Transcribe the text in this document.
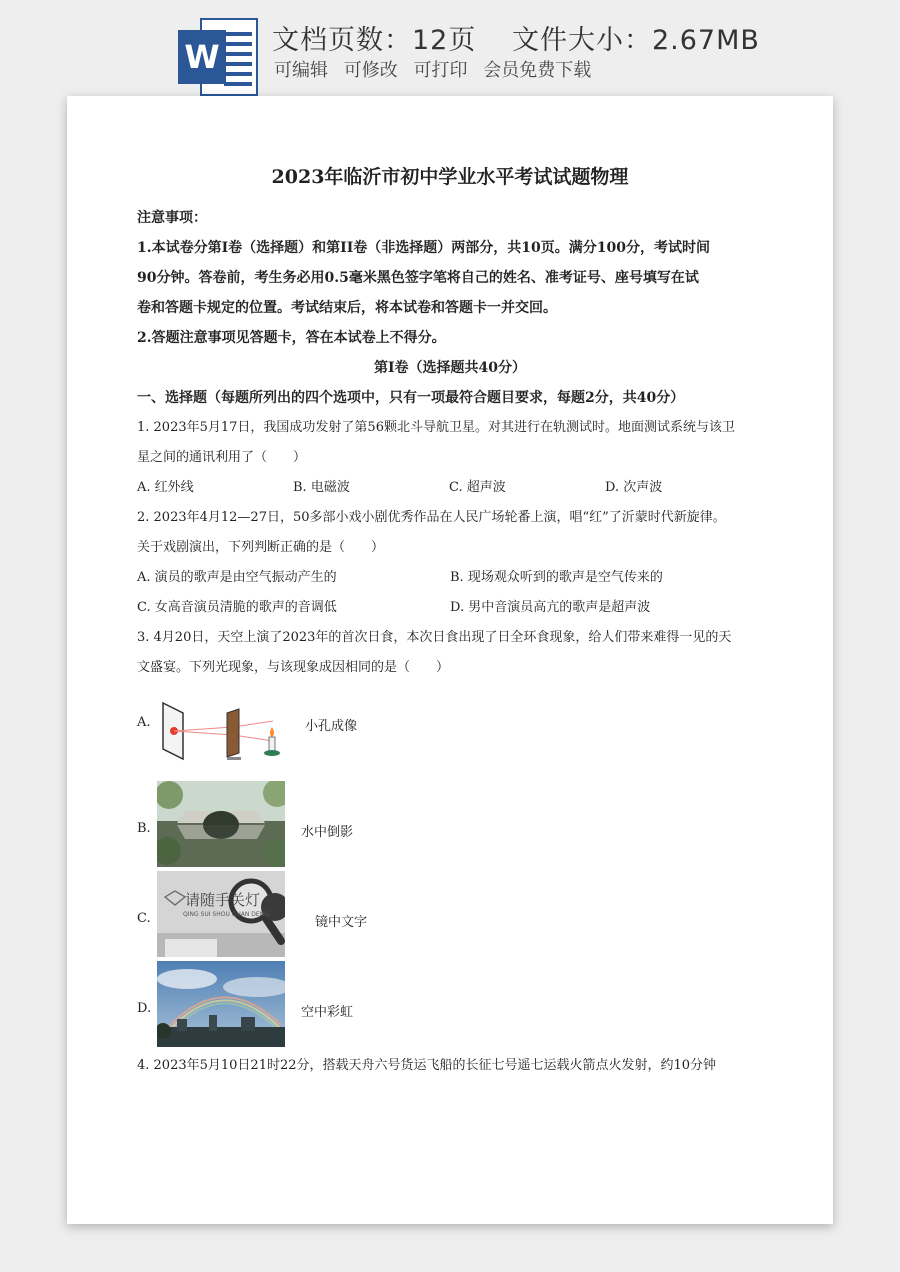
W 文档页数：12页 文件大小：2.67MB
可编辑 可修改 可打印 会员免费下载
2023年临沂市初中学业水平考试试题物理
注意事项：
1.本试卷分第I卷（选择题）和第II卷（非选择题）两部分，共10页。满分100分，考试时间
90分钟。答卷前，考生务必用0.5毫米黑色签字笔将自己的姓名、准考证号、座号填写在试
卷和答题卡规定的位置。考试结束后，将本试卷和答题卡一并交回。
2.答题注意事项见答题卡，答在本试卷上不得分。
第I卷（选择题共40分）
一、选择题（每题所列出的四个选项中，只有一项最符合题目要求，每题2分，共40分）
1. 2023年5月17日，我国成功发射了第56颗北斗导航卫星。对其进行在轨测试时。地面测试系统与该卫
星之间的通讯利用了（　　）
A. 红外线	B. 电磁波	C. 超声波	D. 次声波
2. 2023年4月12—27日，50多部小戏小剧优秀作品在人民广场轮番上演，唱“红”了沂蒙时代新旋律。
关于戏剧演出，下列判断正确的是（　　）
A. 演员的歌声是由空气振动产生的	B. 现场观众听到的歌声是空气传来的
C. 女高音演员清脆的歌声的音调低	D. 男中音演员高亢的歌声是超声波
3. 4月20日，天空上演了2023年的首次日食，本次日食出现了日全环食现象，给人们带来难得一见的天
文盛宴。下列光现象，与该现象成因相同的是（　　）
A.	小孔成像
B.	水中倒影
C.
请随手关灯
QING SUI SHOU GUAN DENG
镜中文字
D.	空中彩虹
4. 2023年5月10日21时22分，搭载天舟六号货运飞船的长征七号遥七运载火箭点火发射，约10分钟
